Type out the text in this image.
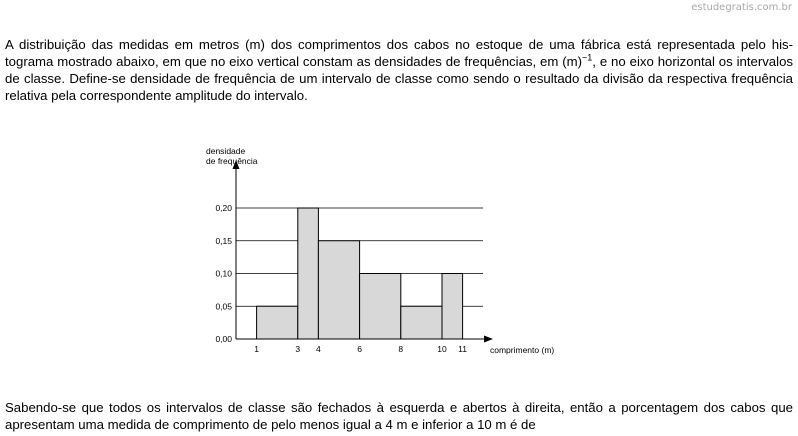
estudegratis.com.br

A distribuição das medidas em metros (m) dos comprimentos dos cabos no estoque de uma fábrica está representada pelo his-tograma mostrado abaixo, em que no eixo vertical constam as densidades de frequências, em $(m)^{-1}$, e no eixo horizontal os intervalos de classe. Define-se densidade de frequência de um intervalo de classe como sendo o resultado da divisão da respectiva frequência relativa pela correspondente amplitude do intervalo.

densidade
de frequência
comprimento (m)
0,00
0,05
0,10
0,15
0,20
1	3 4	6	8	10 11

Sabendo-se que todos os intervalos de classe são fechados à esquerda e abertos à direita, então a porcentagem dos cabos que apresentam uma medida de comprimento de pelo menos igual a 4 m e inferior a 10 m é de
